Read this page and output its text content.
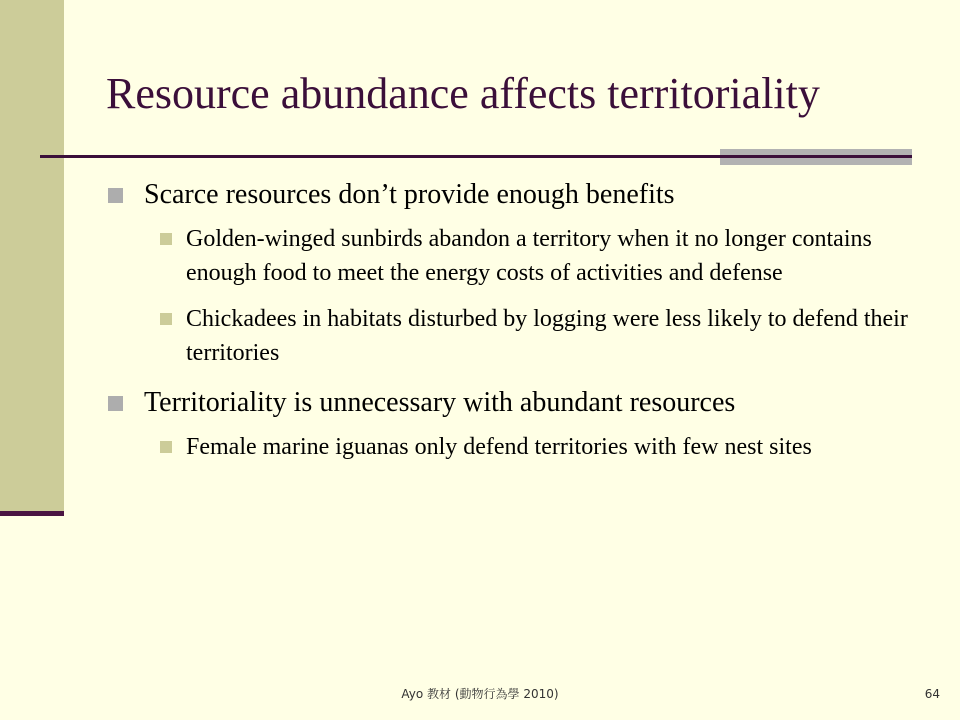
Resource abundance affects territoriality
Scarce resources don’t provide enough benefits
Golden-winged sunbirds abandon a territory when it no longer contains enough food to meet the energy costs of activities and defense
Chickadees in habitats disturbed by logging were less likely to defend their territories
Territoriality is unnecessary with abundant resources
Female marine iguanas only defend territories with few nest sites
Ayo 教材 (動物行為學 2010)	64
